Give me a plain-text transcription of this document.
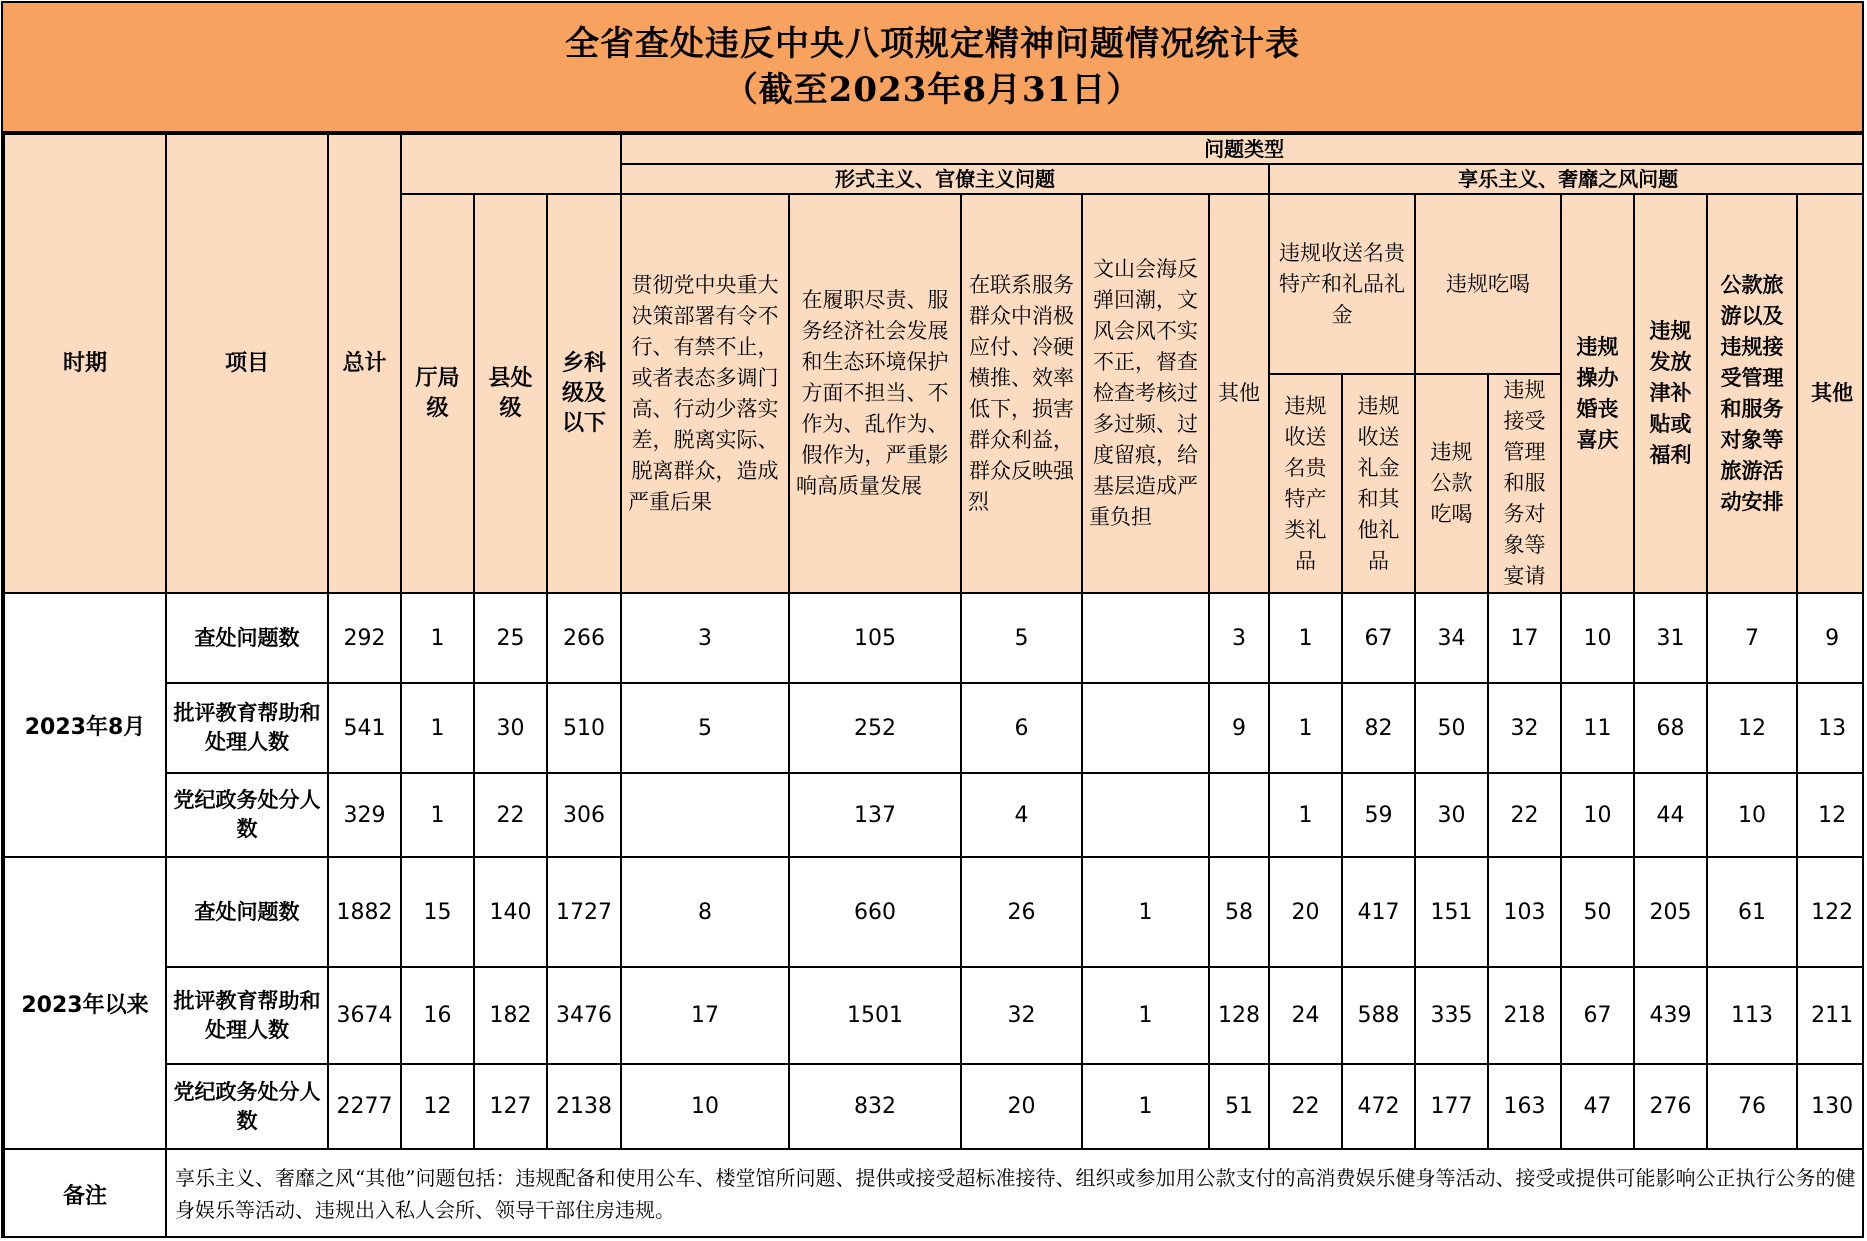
全省查处违反中央八项规定精神问题情况统计表
（截至2023年8月31日）
时期	项目	总计				问题类型												
						形式主义、官僚主义问题					享乐主义、奢靡之风问题							
			厅局级	县处级	乡科级及以下	贯彻党中央重大决策部署有令不行、有禁不止，或者表态多调门高、行动少落实差，脱离实际、脱离群众，造成严重后果	在履职尽责、服务经济社会发展和生态环境保护方面不担当、不作为、乱作为、假作为，严重影响高质量发展	在联系服务群众中消极应付、冷硬横推、效率低下，损害群众利益，群众反映强烈	文山会海反弹回潮，文风会风不实不正，督查检查考核过多过频、过度留痕，给基层造成严重负担	其他	违规收送名贵特产和礼品礼金		违规吃喝		违规操办婚丧喜庆	违规发放津补贴或福利	公款旅游以及违规接受管理和服务对象等旅游活动安排	其他
											违规收送名贵特产类礼品	违规收送礼金和其他礼品	违规公款吃喝	违规接受管理和服务对象等宴请				

2023年8月	查处问题数	292	1	25	266	3	105	5		3	1	67	34	17	10	31	7	9
	批评教育帮助和处理人数	541	1	30	510	5	252	6		9	1	82	50	32	11	68	12	13
	党纪政务处分人数	329	1	22	306		137	4			1	59	30	22	10	44	10	12
2023年以来	查处问题数	1882	15	140	1727	8	660	26	1	58	20	417	151	103	50	205	61	122
	批评教育帮助和处理人数	3674	16	182	3476	17	1501	32	1	128	24	588	335	218	67	439	113	211
	党纪政务处分人数	2277	12	127	2138	10	832	20	1	51	22	472	177	163	47	276	76	130
备注	享乐主义、奢靡之风“其他”问题包括：违规配备和使用公车、楼堂馆所问题、提供或接受超标准接待、组织或参加用公款支付的高消费娱乐健身等活动、接受或提供可能影响公正执行公务的健身娱乐等活动、违规出入私人会所、领导干部住房违规。																	
